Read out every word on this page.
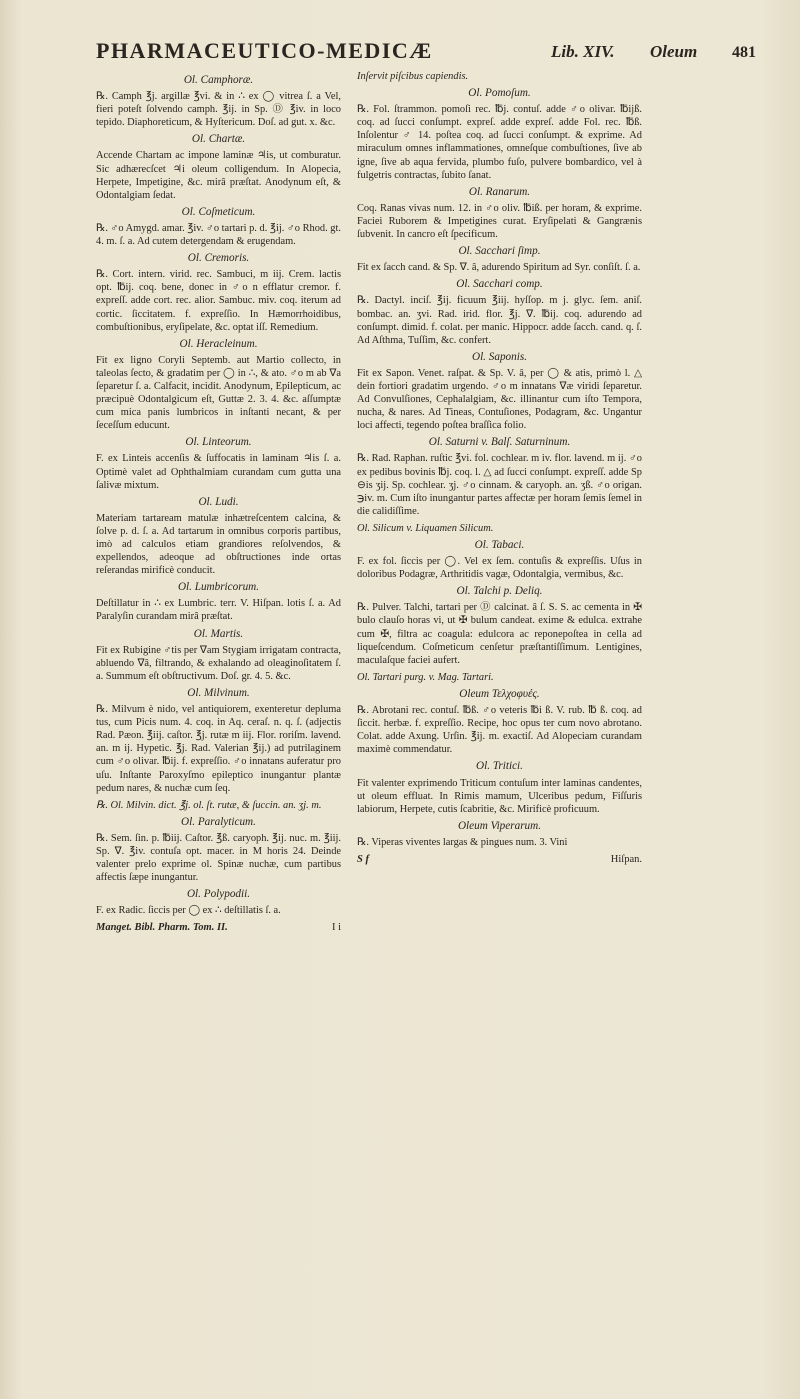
PHARMACEUTICO-MEDICÆ	Lib. XIV. Oleum 481
Ol. Camphoræ.
℞. Camph ℥j. argillæ ℥vi. & in ∴ ex ◯ vitrea ſ. a Vel, fieri poteſt ſolvendo camph. ℥ij. in Sp. Ⓓ ℥iv. in loco tepido. Diaphoreticum, & Hyſtericum. Doſ. ad gut. x. &c.
Ol. Chartæ.
Accende Chartam ac impone laminæ ♃is, ut comburatur. Sic adhærecſcet ♃i oleum colligendum. In Alopecia, Herpete, Impetigine, &c. mirâ præſtat. Anodynum eſt, & Odontalgiam ſedat.
Ol. Coſmeticum.
℞. ♂o Amygd. amar. ℥iv. ♂o tartari p. d. ℥ij. ♂o Rhod. gt. 4. m. ſ. a. Ad cutem detergendam & erugendam.
Ol. Cremoris.
℞. Cort. intern. virid. rec. Sambuci, m iij. Crem. lactis opt. ℔ij. coq. bene, donec in ♂o n efflatur cremor. f. expreſſ. adde cort. rec. alior. Sambuc. miv. coq. iterum ad cortic. ſiccitatem. f. expreſſio. In Hæmorrhoidibus, combuſtionibus, eryſipelate, &c. optat iſſ. Remedium.
Ol. Heracleinum.
Fit ex ligno Coryli Septemb. aut Martio collecto, in taleolas ſecto, & gradatim per ◯ in ∴, & ato. ♂o m ab ∇a ſeparetur ſ. a. Calfacit, incidit. Anodynum, Epilepticum, ac præcipuè Odontalgicum eſt, Guttæ 2. 3. 4. &c. aſſumptæ cum mica panis lumbricos in inſtanti necant, & per ſeceſſum educunt.
Ol. Linteorum.
F. ex Linteis accenſis & ſuffocatis in laminam ♃is ſ. a. Optimè valet ad Ophthalmiam curandam cum gutta una ſalivæ mixtum.
Ol. Ludi.
Materiam tartaream matulæ inhætreſcentem calcina, & ſolve p. d. ſ. a. Ad tartarum in omnibus corporis partibus, imò ad calculos etiam grandiores reſolvendos, & expellendos, adeoque ad obſtructiones inde ortas reſerandas mirificè conducit.
Ol. Lumbricorum.
Deſtillatur in ∴ ex Lumbric. terr. V. Hiſpan. lotis ſ. a. Ad Paralyſin curandam mirâ præſtat.
Ol. Martis.
Fit ex Rubigine ♂tis per ∇am Stygiam irrigatam contracta, abluendo ∇â, filtrando, & exhalando ad oleaginoſitatem ſ. a. Summum eſt obſtructivum. Doſ. gr. 4. 5. &c.
Ol. Milvinum.
℞. Milvum è nido, vel antiquiorem, exenteretur depluma tus, cum Picis num. 4. coq. in Aq. ceraſ. n. q. ſ. (adjectis Rad. Pæon. ℥iij. caſtor. ℥j. rutæ m iij. Flor. roriſm. lavend. an. m ij. Hypetic. ℥j. Rad. Valerian ℥ij.) ad putrilaginem cum ♂o olivar. ℔ij. f. expreſſio. ♂o innatans auferatur pro uſu. Inſtante Paroxyſmo epileptico inungantur plantæ pedum nares, & nuchæ cum ſeq.
℞. Ol. Milvin. dict. ℥j. ol. ſt. rutæ, & ſuccin. an. ʒj. m.
Ol. Paralyticum.
℞. Sem. ſin. p. ℔iij. Caſtor. ℥ß. caryoph. ℥ij. nuc. m. ℥iij. Sp. ∇. ℥iv. contuſa opt. macer. in M horis 24. Deinde valenter prelo exprime ol. Spinæ nuchæ, cum partibus affectis ſæpe inungantur.
Ol. Polypodii.
F. ex Radic. ſiccis per ◯ ex ∴ deſtillatis ſ. a.
Manget. Bibl. Pharm. Tom. II.	I i
Inſervit piſcibus capiendis.
Ol. Pomoſum.
℞. Fol. ſtrammon. pomoſi rec. ℔j. contuſ. adde ♂o olivar. ℔ijß. coq. ad ſucci conſumpt. expreſ. adde expreſ. adde Fol. rec. ℔ß. Inſolentur ♂ 14. poſtea coq. ad ſucci conſumpt. & exprime. Ad miraculum omnes inflammationes, omneſque combuſtiones, ſive ab igne, ſive ab aqua fervida, plumbo fuſo, pulvere bombardico, vel à fulgetris contractas, ſubito ſanat.
Ol. Ranarum.
Coq. Ranas vivas num. 12. in ♂o oliv. ℔iß. per horam, & exprime. Faciei Ruborem & Impetigines curat. Eryſipelati & Gangrænis ſubvenit. In cancro eſt ſpecificum.
Ol. Sacchari ſimp.
Fit ex ſacch cand. & Sp. ∇. â, adurendo Spiritum ad Syr. conſiſt. ſ. a.
Ol. Sacchari comp.
℞. Dactyl. inciſ. ℥ij. ficuum ℥iij. hyſſop. m j. glyc. ſem. aniſ. bombac. an. ʒvi. Rad. irid. flor. ℥j. ∇. ℔ij. coq. adurendo ad conſumpt. dimid. f. colat. per manic. Hippocr. adde ſacch. cand. q. ſ. Ad Aſthma, Tuſſim, &c. confert.
Ol. Saponis.
Fit ex Sapon. Venet. raſpat. & Sp. V. â, per ◯ & atis, primò l. △ dein fortiori gradatim urgendo. ♂o m innatans ∇æ viridi ſeparetur. Ad Convulſiones, Cephalalgiam, &c. illinantur cum iſto Tempora, nucha, & nares. Ad Tineas, Contuſiones, Podagram, &c. Ungantur loci affecti, tegendo poſtea braſſica folio.
Ol. Saturni v. Balſ. Saturninum.
℞. Rad. Raphan. ruſtic ℥vi. fol. cochlear. m iv. flor. lavend. m ij. ♂o ex pedibus bovinis ℔j. coq. l. △ ad ſucci conſumpt. expreſſ. adde Sp ⊖is ʒij. Sp. cochlear. ʒj. ♂o cinnam. & caryoph. an. ʒß. ♂o origan. ℈iv. m. Cum iſto inungantur partes affectæ per horam ſemis ſemel in die calidiſſime.
Ol. Silicum v. Liquamen Silicum.
Ol. Tabaci.
F. ex fol. ſiccis per ◯. Vel ex ſem. contuſis & expreſſis. Uſus in doloribus Podagræ, Arthritidis vagæ, Odontalgia, vermibus, &c.
Ol. Talchi p. Deliq.
℞. Pulver. Talchi, tartari per Ⓓ calcinat. â ſ. S. S. ac cementa in ✠ bulo clauſo horas vi, ut ✠ bulum candeat. exime & edulca. extrahe cum ✠, filtra ac coagula: edulcora ac reponepoſtea in cella ad liqueſcendum. Coſmeticum cenſetur præſtantiſſimum. Lentigines, maculaſque faciei aufert.
Ol. Tartari purg. v. Mag. Tartari.
Oleum Τελχοφυές.
℞. Abrotani rec. contuſ. ℔ß. ♂o veteris ℔i ß. V. rub. ℔ ß. coq. ad ſiccit. herbæ. f. expreſſio. Recipe, hoc opus ter cum novo abrotano. Colat. adde Axung. Urſin. ℥ij. m. exactiſ. Ad Alopeciam curandam maximè commendatur.
Ol. Tritici.
Fit valenter exprimendo Triticum contuſum inter laminas candentes, ut oleum effluat. In Rimis mamum, Ulceribus pedum, Fiſſuris labiorum, Herpete, cutis ſcabritie, &c. Mirificè proficuum.
Oleum Viperarum.
℞. Viperas viventes largas & pingues num. 3. Vini
S f	Hiſpan.
